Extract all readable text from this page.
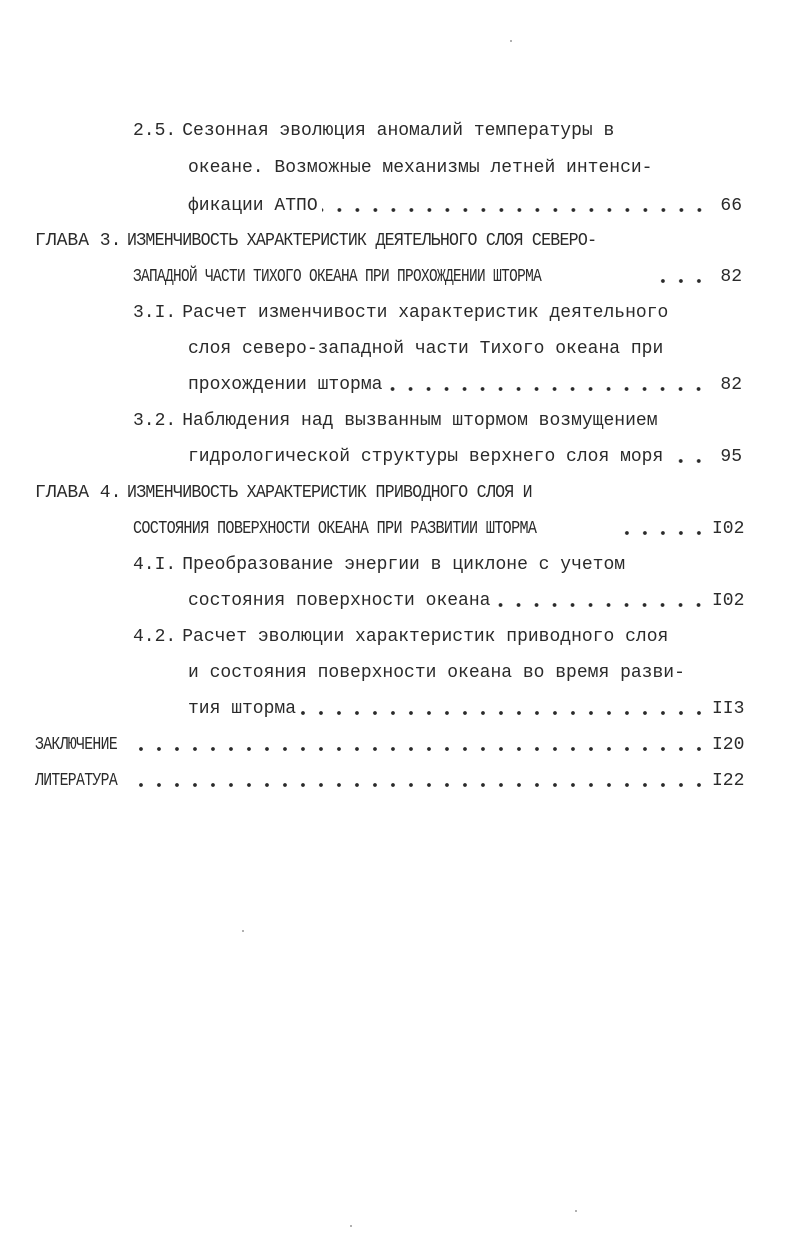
2.5. Сезонная эволюция аномалий температуры в
океане. Возможные механизмы летней интенси-
фикации АТПО	66
ГЛАВА 3. ИЗМЕНЧИВОСТЬ ХАРАКТЕРИСТИК ДЕЯТЕЛЬНОГО СЛОЯ СЕВЕРО-
ЗАПАДНОЙ ЧАСТИ ТИХОГО ОКЕАНА ПРИ ПРОХОЖДЕНИИ ШТОРМА	82
3.I. Расчет изменчивости характеристик деятельного
слоя северо-западной части Тихого океана при
прохождении шторма	82
3.2. Наблюдения над вызванным штормом возмущением
гидрологической структуры верхнего слоя моря	95
ГЛАВА 4. ИЗМЕНЧИВОСТЬ ХАРАКТЕРИСТИК ПРИВОДНОГО СЛОЯ И
СОСТОЯНИЯ ПОВЕРХНОСТИ ОКЕАНА ПРИ РАЗВИТИИ ШТОРМА	I02
4.I. Преобразование энергии в циклоне с учетом
состояния поверхности океана	I02
4.2. Расчет эволюции характеристик приводного слоя
и состояния поверхности океана во время разви-
тия шторма	II3
ЗАКЛЮЧЕНИЕ	I20
ЛИТЕРАТУРА	I22
